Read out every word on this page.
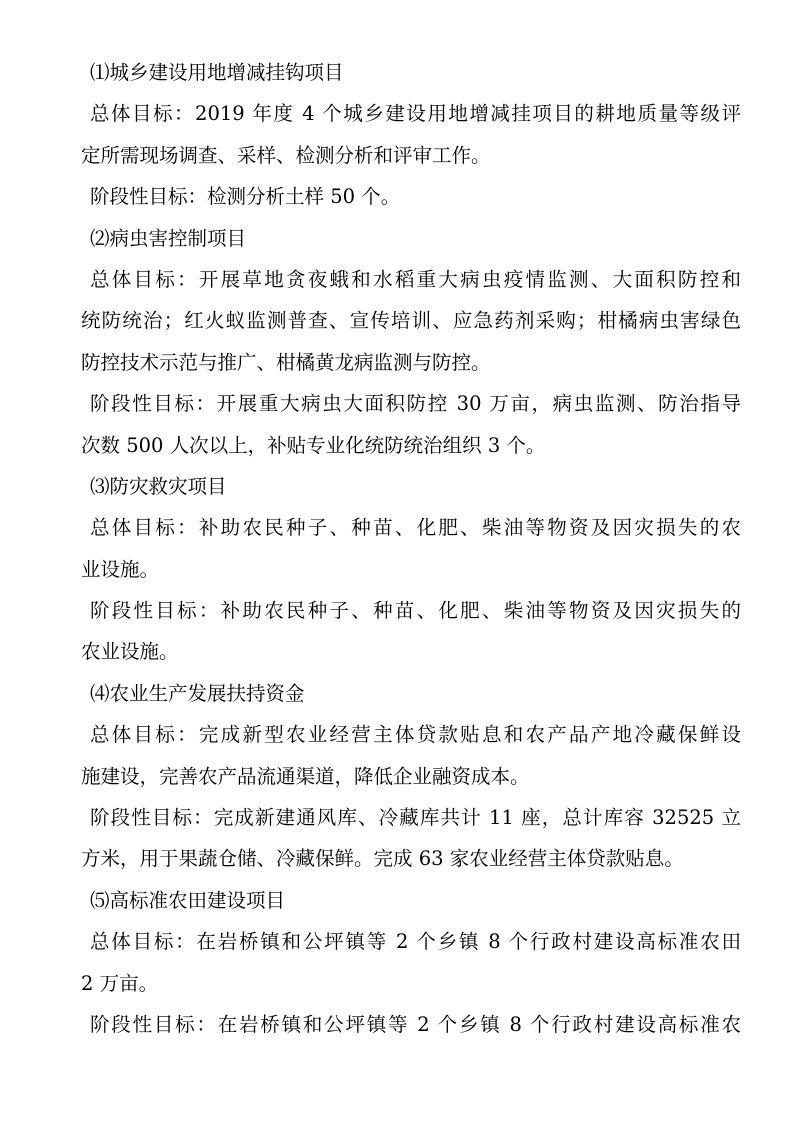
⑴城乡建设用地增减挂钩项目
总体目标：2019 年度 4 个城乡建设用地增减挂项目的耕地质量等级评
定所需现场调查、采样、检测分析和评审工作。
阶段性目标：检测分析土样 50 个。
⑵病虫害控制项目
总体目标：开展草地贪夜蛾和水稻重大病虫疫情监测、大面积防控和
统防统治；红火蚁监测普查、宣传培训、应急药剂采购；柑橘病虫害绿色
防控技术示范与推广、柑橘黄龙病监测与防控。
阶段性目标：开展重大病虫大面积防控 30 万亩，病虫监测、防治指导
次数 500 人次以上，补贴专业化统防统治组织 3 个。
⑶防灾救灾项目
总体目标：补助农民种子、种苗、化肥、柴油等物资及因灾损失的农
业设施。
阶段性目标：补助农民种子、种苗、化肥、柴油等物资及因灾损失的
农业设施。
⑷农业生产发展扶持资金
总体目标：完成新型农业经营主体贷款贴息和农产品产地冷藏保鲜设
施建设，完善农产品流通渠道，降低企业融资成本。
阶段性目标：完成新建通风库、冷藏库共计 11 座，总计库容 32525 立
方米，用于果蔬仓储、冷藏保鲜。完成 63 家农业经营主体贷款贴息。
⑸高标准农田建设项目
总体目标：在岩桥镇和公坪镇等 2 个乡镇 8 个行政村建设高标准农田
2 万亩。
阶段性目标：在岩桥镇和公坪镇等 2 个乡镇 8 个行政村建设高标准农
